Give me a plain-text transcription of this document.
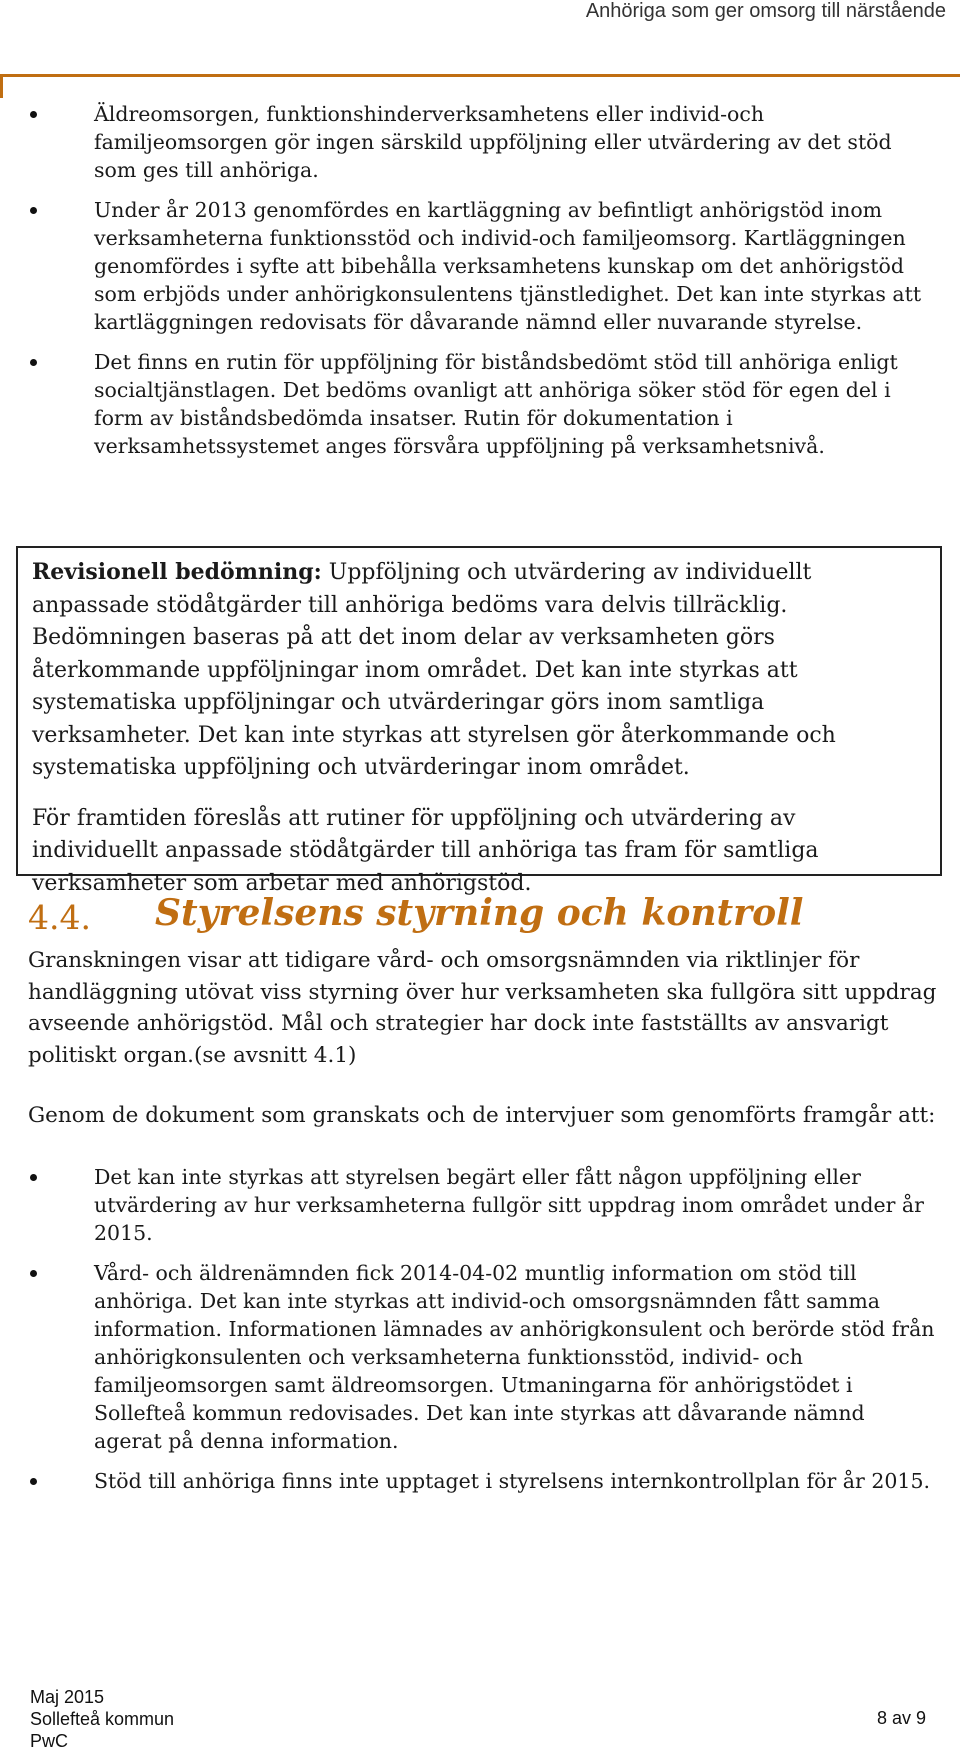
Anhöriga som ger omsorg till närstående
Äldreomsorgen, funktionshinderverksamhetens eller individ-och familjeomsorgen gör ingen särskild uppföljning eller utvärdering av det stöd som ges till anhöriga.
Under år 2013 genomfördes en kartläggning av befintligt anhörigstöd inom verksamheterna funktionsstöd och individ-och familjeomsorg. Kartläggningen genomfördes i syfte att bibehålla verksamhetens kunskap om det anhörigstöd som erbjöds under anhörigkonsulentens tjänstledighet. Det kan inte styrkas att kartläggningen redovisats för dåvarande nämnd eller nuvarande styrelse.
Det finns en rutin för uppföljning för biståndsbedömt stöd till anhöriga enligt socialtjänstlagen. Det bedöms ovanligt att anhöriga söker stöd för egen del i form av biståndsbedömda insatser. Rutin för dokumentation i verksamhetssystemet anges försvåra uppföljning på verksamhetsnivå.

Revisionell bedömning: Uppföljning och utvärdering av individuellt anpassade stödåtgärder till anhöriga bedöms vara delvis tillräcklig. Bedömningen baseras på att det inom delar av verksamheten görs återkommande uppföljningar inom området. Det kan inte styrkas att systematiska uppföljningar och utvärderingar görs inom samtliga verksamheter. Det kan inte styrkas att styrelsen gör återkommande och systematiska uppföljning och utvärderingar inom området.

För framtiden föreslås att rutiner för uppföljning och utvärdering av individuellt anpassade stödåtgärder till anhöriga tas fram för samtliga verksamheter som arbetar med anhörigstöd.

4.4. Styrelsens styrning och kontroll

Granskningen visar att tidigare vård- och omsorgsnämnden via riktlinjer för handläggning utövat viss styrning över hur verksamheten ska fullgöra sitt uppdrag avseende anhörigstöd. Mål och strategier har dock inte fastställts av ansvarigt politiskt organ.(se avsnitt 4.1)

Genom de dokument som granskats och de intervjuer som genomförts framgår att:

Det kan inte styrkas att styrelsen begärt eller fått någon uppföljning eller utvärdering av hur verksamheterna fullgör sitt uppdrag inom området under år 2015.
Vård- och äldrenämnden fick 2014-04-02 muntlig information om stöd till anhöriga. Det kan inte styrkas att individ-och omsorgsnämnden fått samma information. Informationen lämnades av anhörigkonsulent och berörde stöd från anhörigkonsulenten och verksamheterna funktionsstöd, individ- och familjeomsorgen samt äldreomsorgen. Utmaningarna för anhörigstödet i Sollefteå kommun redovisades. Det kan inte styrkas att dåvarande nämnd agerat på denna information.
Stöd till anhöriga finns inte upptaget i styrelsens internkontrollplan för år 2015.
Maj 2015
Sollefteå kommun
PwC
8 av 9
